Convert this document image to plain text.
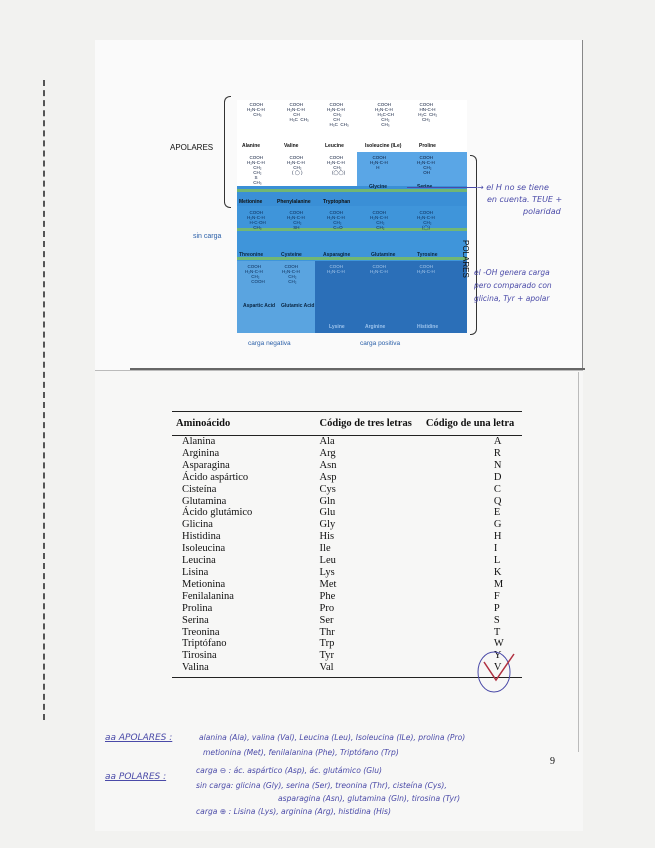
APOLARES
sin carga
COOH
H₂N-C-H
CH₃
COOH
H₂N-C-H
CH
H₃C  CH₃
COOH
H₂N-C-H
CH₂
CH
H₃C  CH₃
COOH
H₂N-C-H
H₃C-CH
CH₂
CH₃
COOH
HN-C-H
H₂C  CH₂
CH₂
Alanine	Valine	Leucine	Isoleucine (ILe)	Proline
COOH
H₂N-C-H
CH₂
CH₂
S
CH₃
COOH
H₂N-C-H
CH₂
( ◯ )
COOH
H₂N-C-H
CH₂
(◯◯)
COOH
H₂N-C-H
H
COOH
H₂N-C-H
CH₂
OH
Metionine	Phenylalanine Tryptophan
Glycine
COOH
H₂N-C-H
H-C-OH
CH₃
COOH
H₂N-C-H
CH₂
SH
COOH
H₂N-C-H
CH₂
C=O
COOH
H₂N-C-H
CH₂
CH₂
COOH
H₂N-C-H
CH₂
(◯)
Threonine	Cysteine	Asparagine	Glutamine	Tyrosine
COOH
H₂N-C-H
CH₂
COOH
COOH
H₂N-C-H
CH₂
CH₂
COOH
H₂N-C-H
COOH
H₂N-C-H
COOH
H₂N-C-H
Aspartic Acid Glutamic Acid
Lysine	Arginine	Histidine
carga negativa	carga positiva
POLARES
→ el H no se tiene
en cuenta. TEUE +
polaridad
el -OH genera carga
pero comparado con
glicina, Tyr + apolar
Aminoácido	Código de tres letras	Código de una letra
Alanina	Ala	A
Arginina	Arg	R
Asparagina	Asn	N
Ácido aspártico	Asp	D
Cisteína	Cys	C
Glutamina	Gln	Q
Ácido glutámico	Glu	E
Glicina	Gly	G
Histidina	His	H
Isoleucina	Ile	I
Leucina	Leu	L
Lisina	Lys	K
Metionina	Met	M
Fenilalanina	Phe	F
Prolina	Pro	P
Serina	Ser	S
Treonina	Thr	T
Triptófano	Trp	W
Tirosina	Tyr	Y
Valina	Val	V
9
aa APOLARES :	alanina (Ala), valina (Val), Leucina (Leu), Isoleucina (ILe), prolina (Pro)
metionina (Met), fenilalanina (Phe), Triptófano (Trp)
aa POLARES :
carga ⊖ : ác. aspártico (Asp), ác. glutámico (Glu)
sin carga: glicina (Gly), serina (Ser), treonina (Thr), cisteína (Cys),
asparagina (Asn), glutamina (Gln), tirosina (Tyr)
carga ⊕ : Lisina (Lys), arginina (Arg), histidina (His)
